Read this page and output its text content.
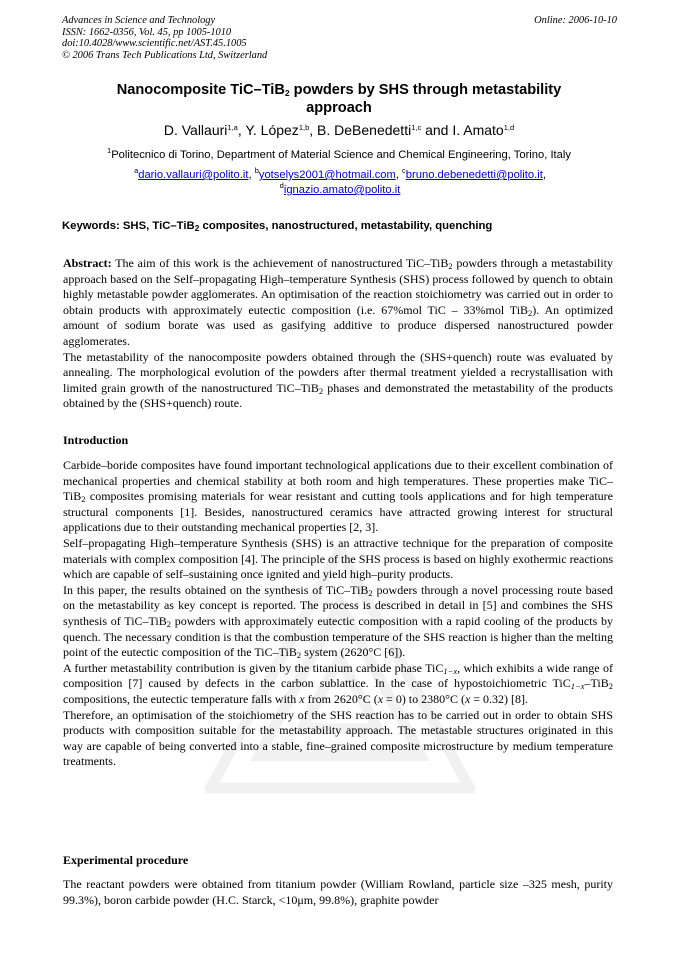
Advances in Science and Technology
ISSN: 1662-0356, Vol. 45, pp 1005-1010
doi:10.4028/www.scientific.net/AST.45.1005
© 2006 Trans Tech Publications Ltd, Switzerland
Online: 2006-10-10
Nanocomposite TiC–TiB$_2$ powders by SHS through metastability
approach
D. Vallauri$^{1,a}$, Y. López$^{1,b}$, B. DeBenedetti$^{1,c}$ and I. Amato$^{1,d}$
$^1$Politecnico di Torino, Department of Material Science and Chemical Engineering, Torino, Italy
$^a$dario.vallauri@polito.it, $^b$yotselys2001@hotmail.com, $^c$bruno.debenedetti@polito.it,
$^d$ignazio.amato@polito.it
Keywords: SHS, TiC–TiB$_2$ composites, nanostructured, metastability, quenching

Abstract: The aim of this work is the achievement of nanostructured TiC–TiB$_2$ powders through a metastability approach based on the Self–propagating High–temperature Synthesis (SHS) process followed by quench to obtain highly metastable powder agglomerates. An optimisation of the reaction stoichiometry was carried out in order to obtain products with approximately eutectic composition (i.e. 67%mol TiC – 33%mol TiB$_2$). An optimized amount of sodium borate was used as gasifying additive to produce dispersed nanostructured powder agglomerates.

The metastability of the nanocomposite powders obtained through the (SHS+quench) route was evaluated by annealing. The morphological evolution of the powders after thermal treatment yielded a recrystallisation with limited grain growth of the nanostructured TiC–TiB$_2$ phases and demonstrated the metastability of the products obtained by the (SHS+quench) route.

Introduction

Carbide–boride composites have found important technological applications due to their excellent combination of mechanical properties and chemical stability at both room and high temperatures. These properties make TiC–TiB$_2$ composites promising materials for wear resistant and cutting tools applications and for high temperature structural components [1]. Besides, nanostructured ceramics have attracted growing interest for structural applications due to their outstanding mechanical properties [2, 3].

Self–propagating High–temperature Synthesis (SHS) is an attractive technique for the preparation of composite materials with complex composition [4]. The principle of the SHS process is based on highly exothermic reactions which are capable of self–sustaining once ignited and yield high–purity products.

In this paper, the results obtained on the synthesis of TiC–TiB$_2$ powders through a novel processing route based on the metastability as key concept is reported. The process is described in detail in [5] and combines the SHS synthesis of TiC–TiB$_2$ powders with approximately eutectic composition with a rapid cooling of the products by quench. The necessary condition is that the combustion temperature of the SHS reaction is higher than the melting point of the eutectic composition of the TiC–TiB$_2$ system (2620°C [6]).

A further metastability contribution is given by the titanium carbide phase TiC$_{1-x}$, which exhibits a wide range of composition [7] caused by defects in the carbon sublattice. In the case of hypostoichiometric TiC$_{1-x}$–TiB$_2$ compositions, the eutectic temperature falls with x from 2620°C (x = 0) to 2380°C (x = 0.32) [8].

Therefore, an optimisation of the stoichiometry of the SHS reaction has to be carried out in order to obtain SHS products with composition suitable for the metastability approach. The metastable structures originated in this way are capable of being converted into a stable, fine–grained composite microstructure by medium temperature treatments.

Experimental procedure

The reactant powders were obtained from titanium powder (William Rowland, particle size –325 mesh, purity 99.3%), boron carbide powder (H.C. Starck, <10μm, 99.8%), graphite powder
